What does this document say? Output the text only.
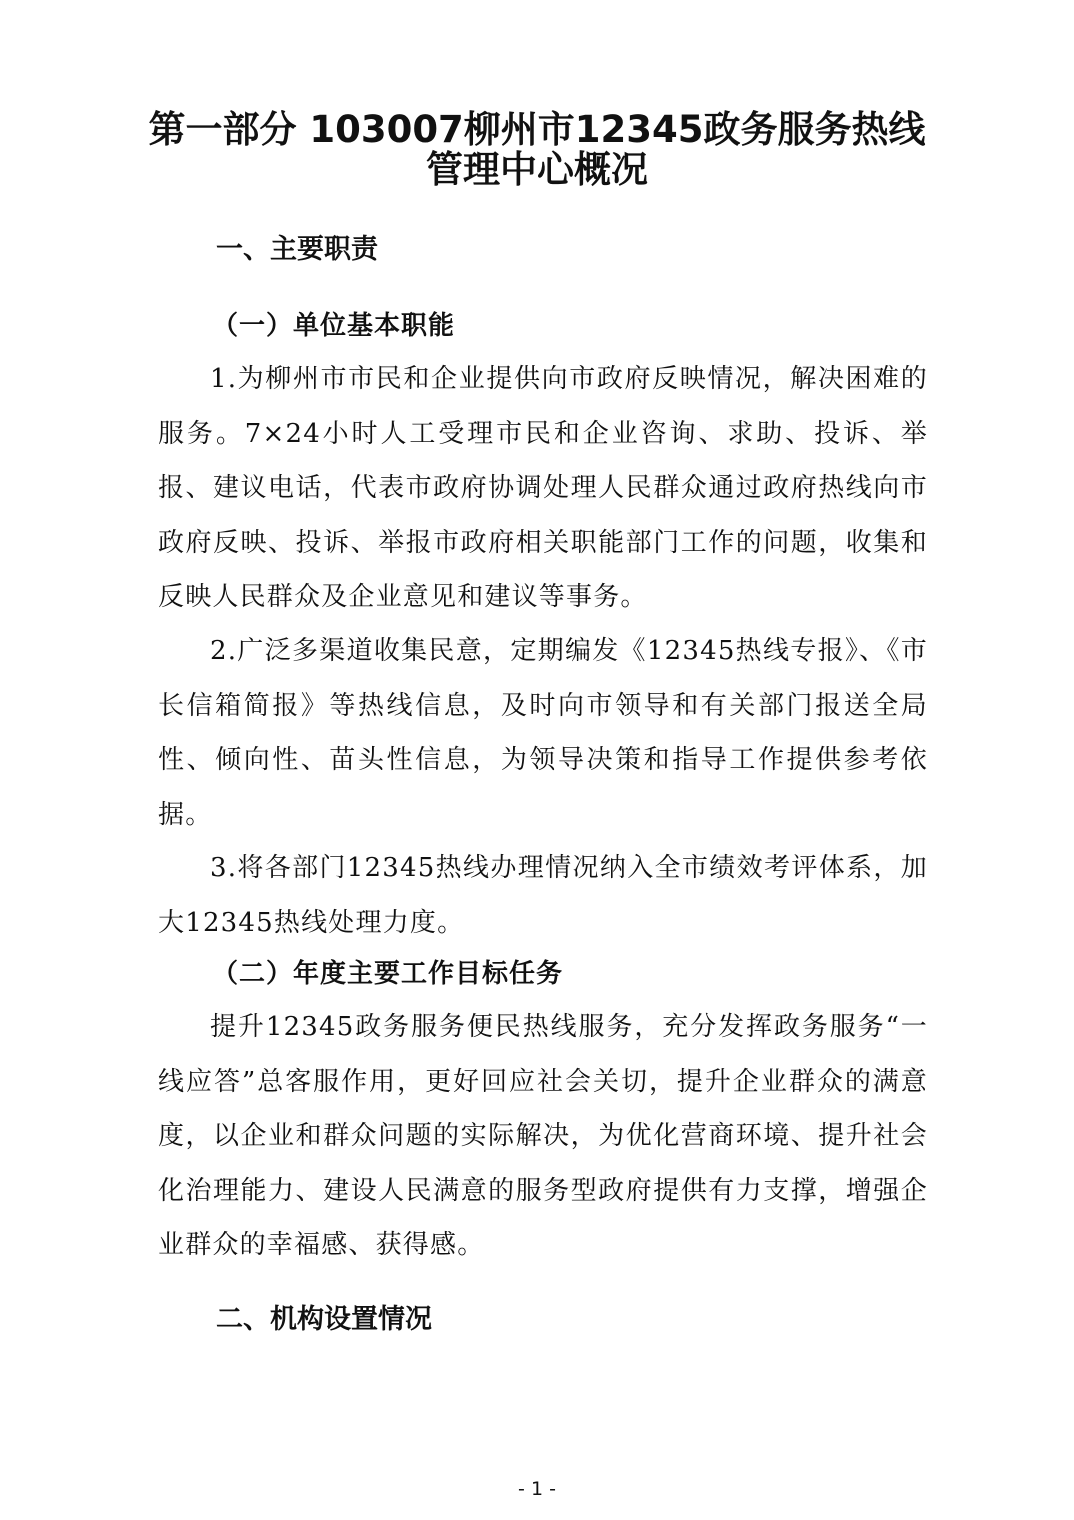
第一部分 103007柳州市12345政务服务热线
管理中心概况
一、主要职责
（一）单位基本职能

1.为柳州市市民和企业提供向市政府反映情况，解决困难的服务。7×24小时人工受理市民和企业咨询、求助、投诉、举报、建议电话，代表市政府协调处理人民群众通过政府热线向市政府反映、投诉、举报市政府相关职能部门工作的问题，收集和反映人民群众及企业意见和建议等事务。

2.广泛多渠道收集民意，定期编发《12345热线专报》、《市长信箱简报》等热线信息，及时向市领导和有关部门报送全局性、倾向性、苗头性信息，为领导决策和指导工作提供参考依据。

3.将各部门12345热线办理情况纳入全市绩效考评体系，加大12345热线处理力度。

（二）年度主要工作目标任务

提升12345政务服务便民热线服务，充分发挥政务服务“一线应答”总客服作用，更好回应社会关切，提升企业群众的满意度，以企业和群众问题的实际解决，为优化营商环境、提升社会化治理能力、建设人民满意的服务型政府提供有力支撑，增强企业群众的幸福感、获得感。

二、机构设置情况

- 1 -
